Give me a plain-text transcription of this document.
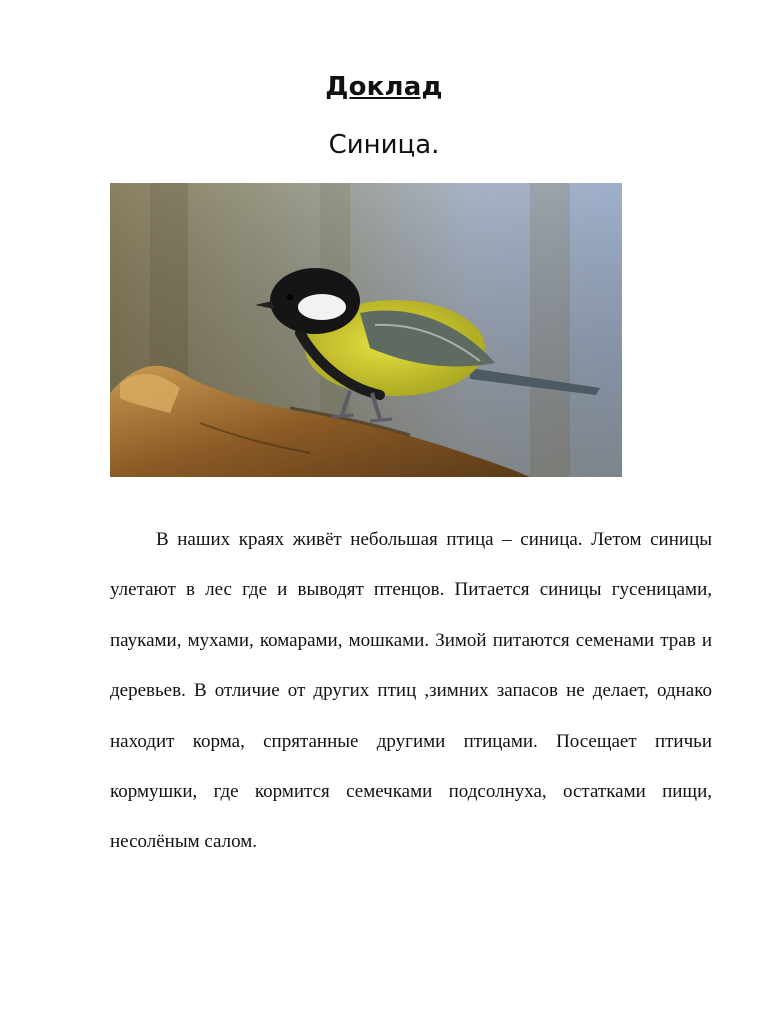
Доклад
Синица.

В наших краях живёт небольшая птица – синица. Летом синицы улетают в лес где и выводят птенцов. Питается синицы гусеницами, пауками, мухами, комарами, мошками. Зимой питаются семенами трав и деревьев. В отличие от других птиц ,зимних запасов не делает, однако находит корма, спрятанные другими птицами. Посещает птичьи кормушки, где кормится семечками подсолнуха, остатками пищи, несолёным салом.
